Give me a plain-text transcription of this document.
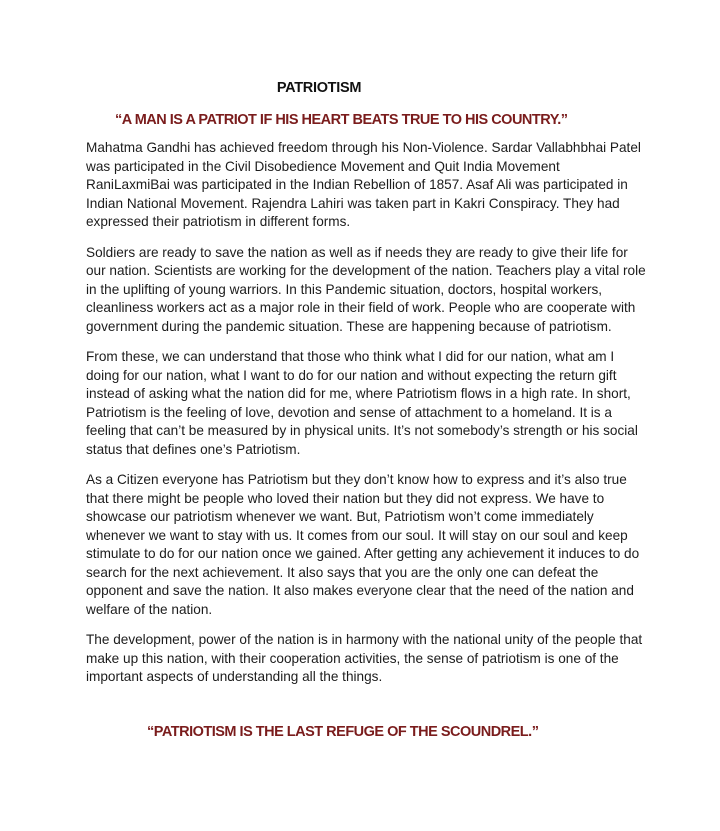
PATRIOTISM

“A MAN IS A PATRIOT IF HIS HEART BEATS TRUE TO HIS COUNTRY.”

Mahatma Gandhi has achieved freedom through his Non-Violence. Sardar Vallabhbhai Patel was participated in the Civil Disobedience Movement and Quit India Movement RaniLaxmiBai was participated in the Indian Rebellion of 1857. Asaf Ali was participated in Indian National Movement. Rajendra Lahiri was taken part in Kakri Conspiracy. They had expressed their patriotism in different forms.

Soldiers are ready to save the nation as well as if needs they are ready to give their life for our nation. Scientists are working for the development of the nation. Teachers play a vital role in the uplifting of young warriors. In this Pandemic situation, doctors, hospital workers, cleanliness workers act as a major role in their field of work. People who are cooperate with government during the pandemic situation. These are happening because of patriotism.

From these, we can understand that those who think what I did for our nation, what am I doing for our nation, what I want to do for our nation and without expecting the return gift instead of asking what the nation did for me, where Patriotism flows in a high rate. In short, Patriotism is the feeling of love, devotion and sense of attachment to a homeland. It is a feeling that can’t be measured by in physical units. It’s not somebody’s strength or his social status that defines one’s Patriotism.

As a Citizen everyone has Patriotism but they don’t know how to express and it’s also true that there might be people who loved their nation but they did not express. We have to showcase our patriotism whenever we want. But, Patriotism won’t come immediately whenever we want to stay with us. It comes from our soul. It will stay on our soul and keep stimulate to do for our nation once we gained. After getting any achievement it induces to do search for the next achievement. It also says that you are the only one can defeat the opponent and save the nation. It also makes everyone clear that the need of the nation and welfare of the nation.

The development, power of the nation is in harmony with the national unity of the people that make up this nation, with their cooperation activities, the sense of patriotism is one of the important aspects of understanding all the things.

“PATRIOTISM IS THE LAST REFUGE OF THE SCOUNDREL.”
